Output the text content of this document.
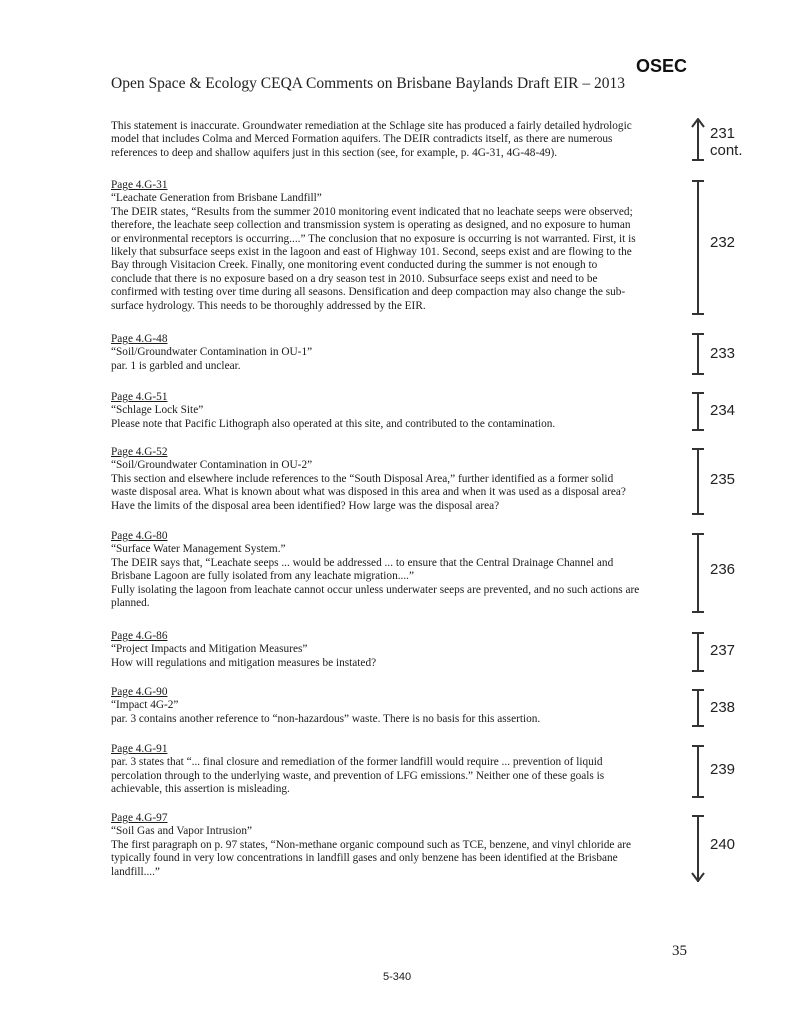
OSEC
Open Space & Ecology CEQA Comments on Brisbane Baylands Draft EIR – 2013

This statement is inaccurate. Groundwater remediation at the Schlage site has produced a fairly detailed hydrologic

model that includes Colma and Merced Formation aquifers. The DEIR contradicts itself, as there are numerous

references to deep and shallow aquifers just in this section (see, for example, p. 4G-31, 4G-48-49).

231
cont.

Page 4.G-31

“Leachate Generation from Brisbane Landfill”

The DEIR states, “Results from the summer 2010 monitoring event indicated that no leachate seeps were observed;

therefore, the leachate seep collection and transmission system is operating as designed, and no exposure to human

or environmental receptors is occurring....” The conclusion that no exposure is occurring is not warranted. First, it is

likely that subsurface seeps exist in the lagoon and east of Highway 101. Second, seeps exist and are flowing to the

Bay through Visitacion Creek. Finally, one monitoring event conducted during the summer is not enough to

conclude that there is no exposure based on a dry season test in 2010. Subsurface seeps exist and need to be

confirmed with testing over time during all seasons. Densification and deep compaction may also change the sub-

surface hydrology. This needs to be thoroughly addressed by the EIR.

232

Page 4.G-48

“Soil/Groundwater Contamination in OU-1”

par. 1 is garbled and unclear.

233

Page 4.G-51

“Schlage Lock Site”

Please note that Pacific Lithograph also operated at this site, and contributed to the contamination.

234

Page 4.G-52

“Soil/Groundwater Contamination in OU-2”

This section and elsewhere include references to the “South Disposal Area,” further identified as a former solid

waste disposal area. What is known about what was disposed in this area and when it was used as a disposal area?

Have the limits of the disposal area been identified? How large was the disposal area?

235

Page 4.G-80

“Surface Water Management System.”

The DEIR says that, “Leachate seeps ... would be addressed ... to ensure that the Central Drainage Channel and

Brisbane Lagoon are fully isolated from any leachate migration....”

Fully isolating the lagoon from leachate cannot occur unless underwater seeps are prevented, and no such actions are

planned.

236

Page 4.G-86

“Project Impacts and Mitigation Measures”

How will regulations and mitigation measures be instated?

237

Page 4.G-90

“Impact 4G-2”

par. 3 contains another reference to “non-hazardous” waste. There is no basis for this assertion.

238

Page 4.G-91

par. 3 states that “... final closure and remediation of the former landfill would require ... prevention of liquid

percolation through to the underlying waste, and prevention of LFG emissions.” Neither one of these goals is

achievable, this assertion is misleading.

239

Page 4.G-97

“Soil Gas and Vapor Intrusion”

The first paragraph on p. 97 states, “Non-methane organic compound such as TCE, benzene, and vinyl chloride are

typically found in very low concentrations in landfill gases and only benzene has been identified at the Brisbane

landfill....”

240
35
5-340
